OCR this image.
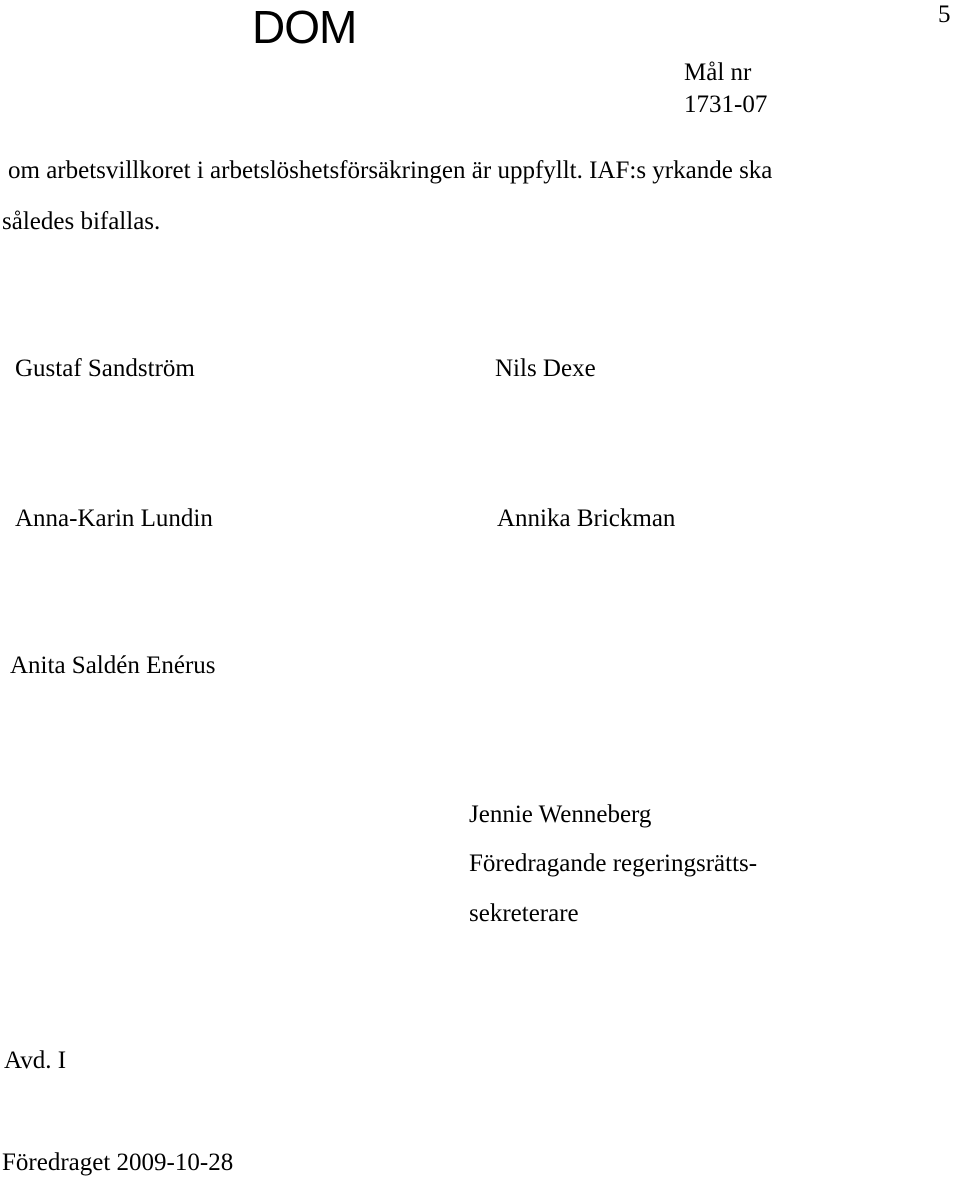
DOM	5
Mål nr
1731-07
om arbetsvillkoret i arbetslöshetsförsäkringen är uppfyllt. IAF:s yrkande ska
således bifallas.
Gustaf Sandström	Nils Dexe
Anna-Karin Lundin	Annika Brickman
Anita Saldén Enérus
Jennie Wenneberg
Föredragande regeringsrätts-
sekreterare
Avd. I
Föredraget 2009-10-28
